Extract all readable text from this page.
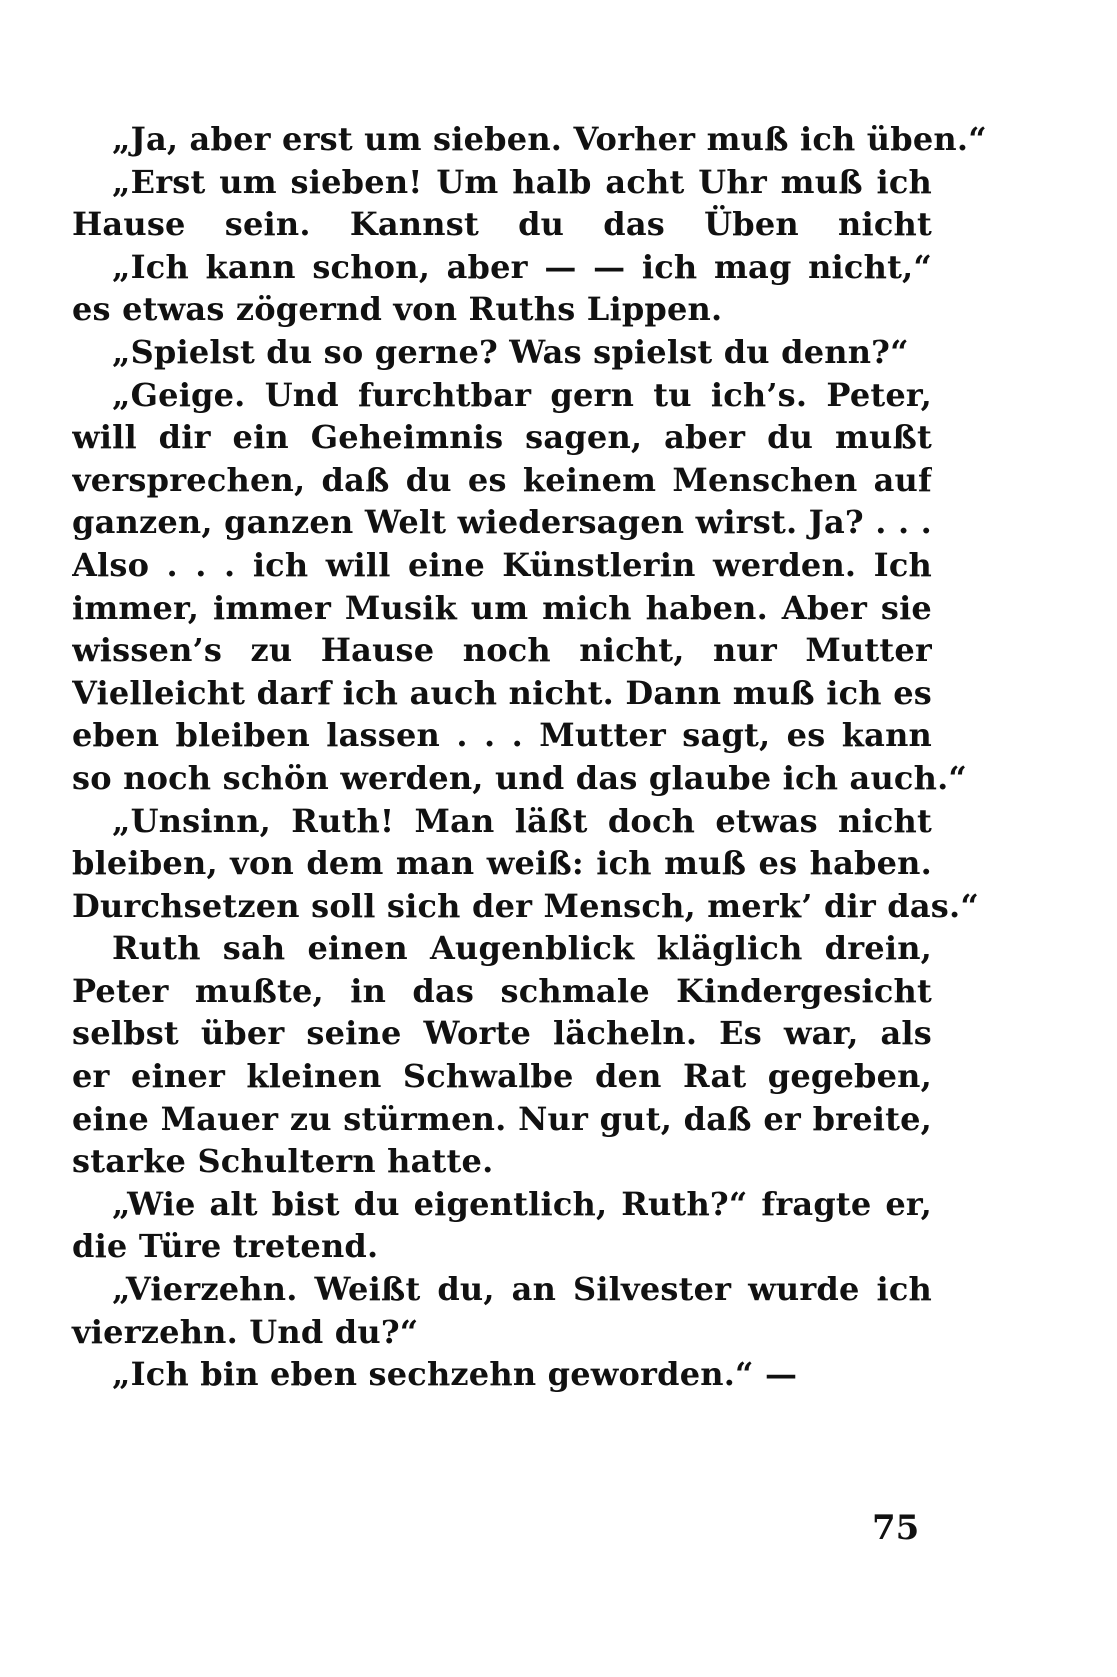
„Ja, aber erst um sieben. Vorher muß ich üben.“
„Erst um sieben! Um halb acht Uhr muß ich
Hause sein. Kannst du das Üben nicht
„Ich kann schon, aber — — ich mag nicht,“
es etwas zögernd von Ruths Lippen.
„Spielst du so gerne? Was spielst du denn?“
„Geige. Und furchtbar gern tu ich’s. Peter,
will dir ein Geheimnis sagen, aber du mußt
versprechen, daß du es keinem Menschen auf
ganzen, ganzen Welt wiedersagen wirst. Ja? . . .
Also . . . ich will eine Künstlerin werden. Ich
immer, immer Musik um mich haben. Aber sie
wissen’s zu Hause noch nicht, nur Mutter
Vielleicht darf ich auch nicht. Dann muß ich es
eben bleiben lassen . . . Mutter sagt, es kann
so noch schön werden, und das glaube ich auch.“
„Unsinn, Ruth! Man läßt doch etwas nicht
bleiben, von dem man weiß: ich muß es haben.
Durchsetzen soll sich der Mensch, merk’ dir das.“
Ruth sah einen Augenblick kläglich drein,
Peter mußte, in das schmale Kindergesicht
selbst über seine Worte lächeln. Es war, als
er einer kleinen Schwalbe den Rat gegeben,
eine Mauer zu stürmen. Nur gut, daß er breite,
starke Schultern hatte.
„Wie alt bist du eigentlich, Ruth?“ fragte er,
die Türe tretend.
„Vierzehn. Weißt du, an Silvester wurde ich
vierzehn. Und du?“
„Ich bin eben sechzehn geworden.“ —
75
